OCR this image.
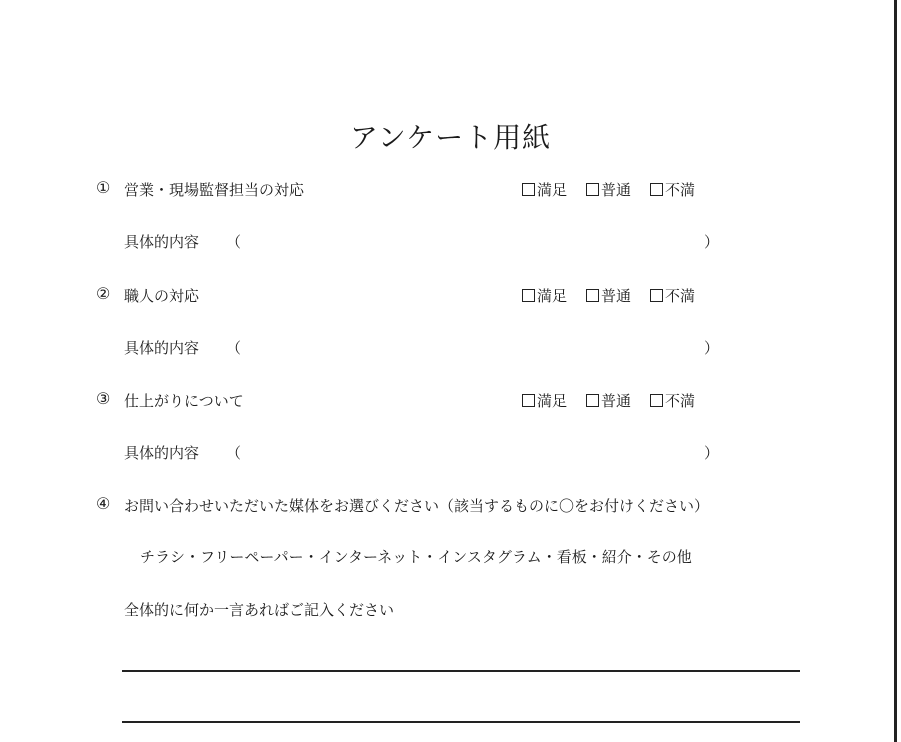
アンケート用紙
① 営業・現場監督担当の対応	満足	普通	不満
具体的内容 （	）
② 職人の対応	満足	普通	不満
具体的内容 （	）
③ 仕上がりについて	満足	普通	不満
具体的内容 （	）
④ お問い合わせいただいた媒体をお選びください（該当するものに〇をお付けください）
チラシ・フリーペーパー・インターネット・インスタグラム・看板・紹介・その他
全体的に何か一言あればご記入ください
